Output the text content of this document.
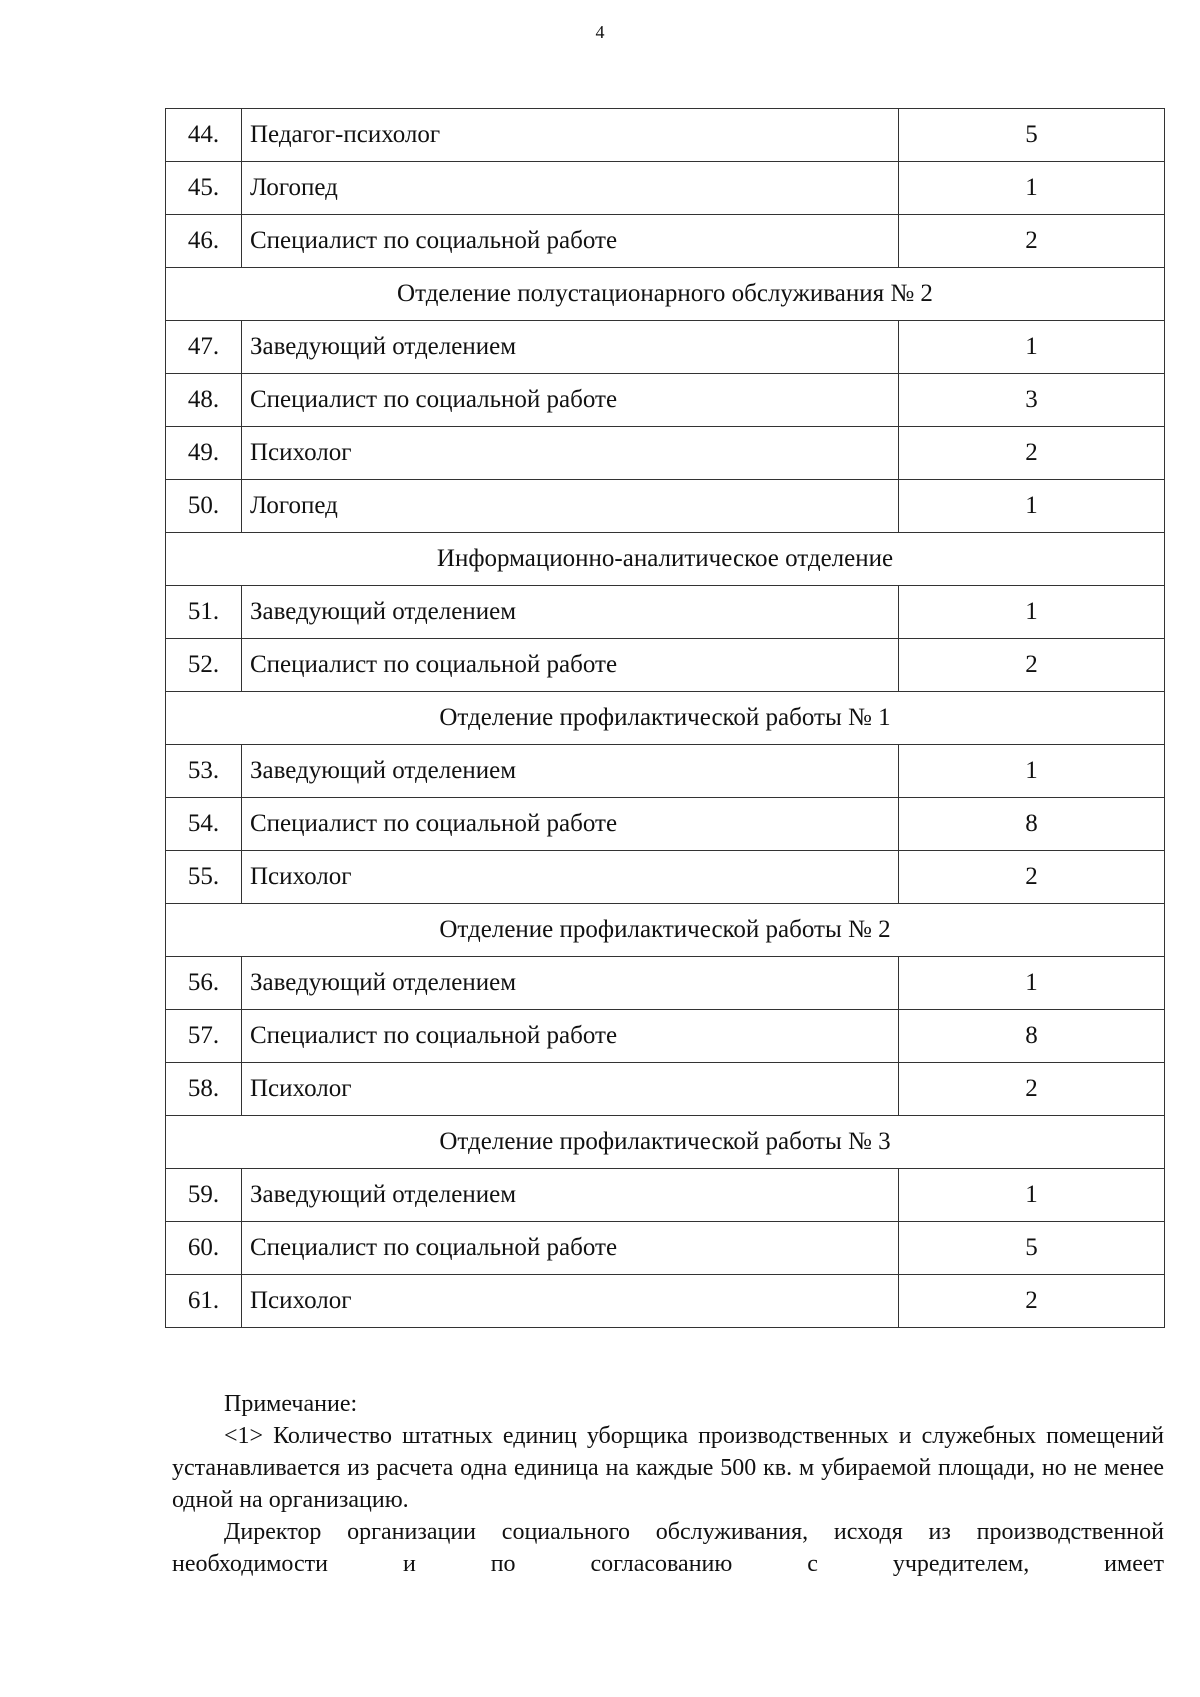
4
44.	Педагог-психолог	5
45.	Логопед	1
46.	Специалист по социальной работе	2
Отделение полустационарного обслуживания № 2		
47.	Заведующий отделением	1
48.	Специалист по социальной работе	3
49.	Психолог	2
50.	Логопед	1
Информационно-аналитическое отделение		
51.	Заведующий отделением	1
52.	Специалист по социальной работе	2
Отделение профилактической работы № 1		
53.	Заведующий отделением	1
54.	Специалист по социальной работе	8
55.	Психолог	2
Отделение профилактической работы № 2		
56.	Заведующий отделением	1
57.	Специалист по социальной работе	8
58.	Психолог	2
Отделение профилактической работы № 3		
59.	Заведующий отделением	1
60.	Специалист по социальной работе	5
61.	Психолог	2

Примечание:

<1> Количество штатных единиц уборщика производственных и служебных помещений устанавливается из расчета одна единица на каждые 500 кв. м убираемой площади, но не менее одной на организацию.

Директор организации социального обслуживания, исходя из производственной необходимости и по согласованию с учредителем, имеет
